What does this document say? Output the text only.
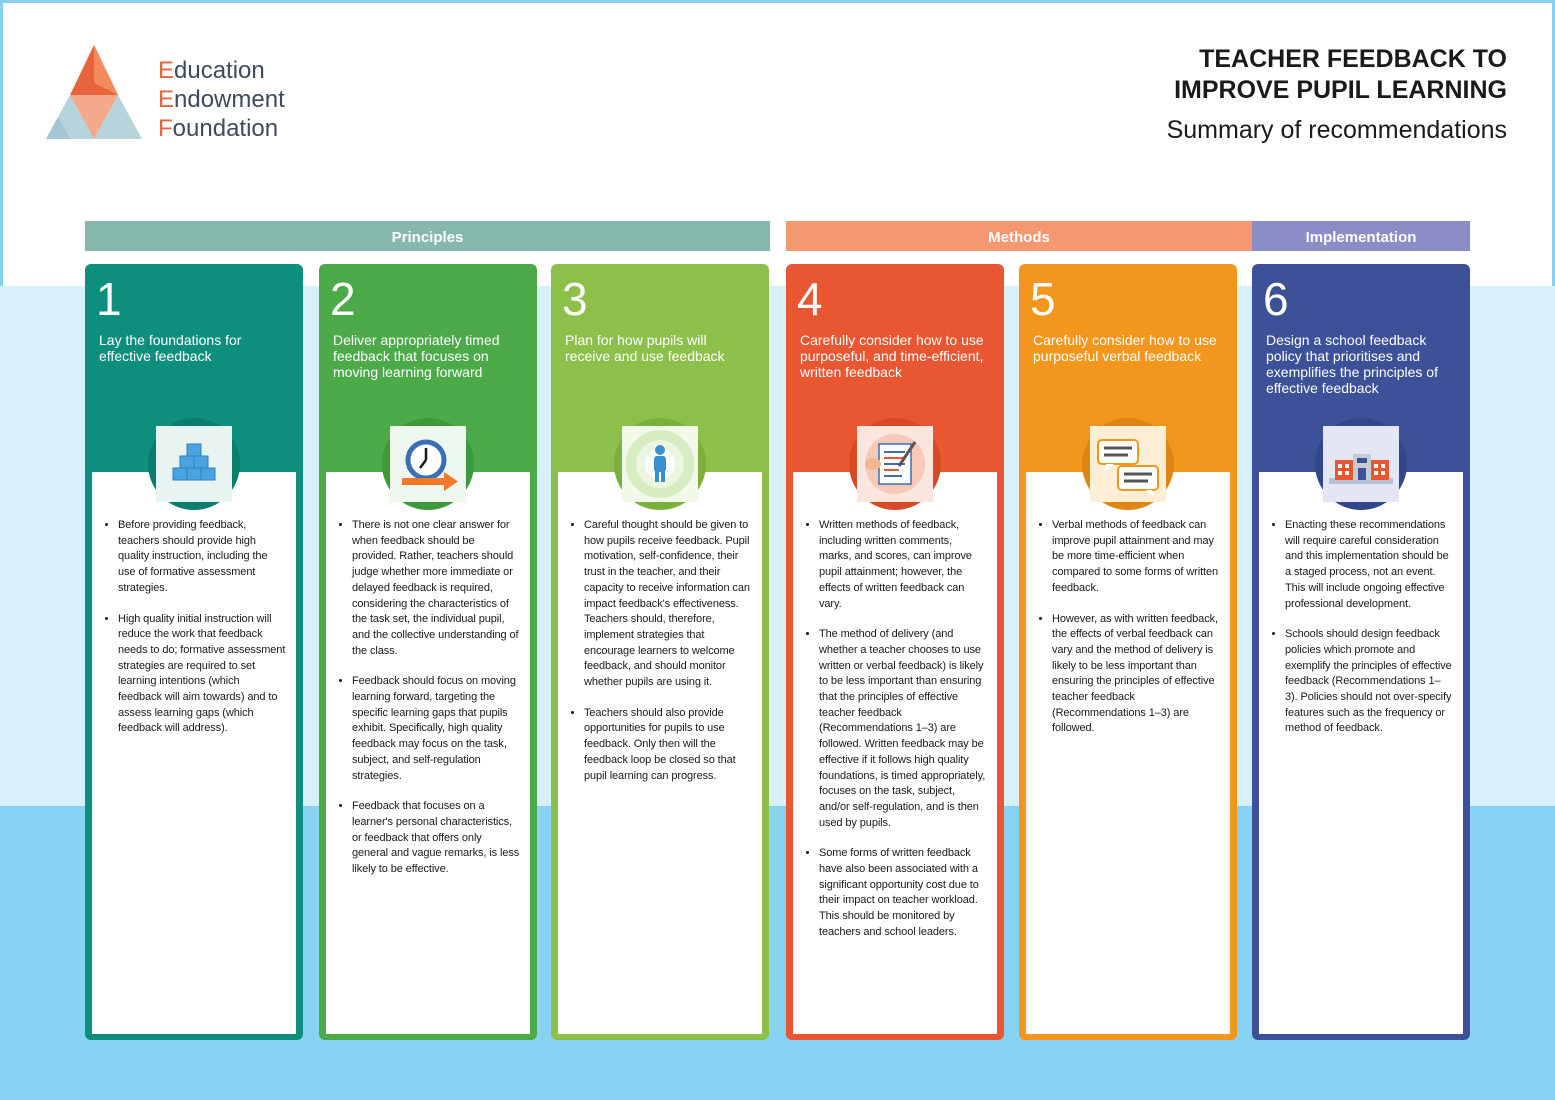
Education
Endowment
Foundation
TEACHER FEEDBACK TO
IMPROVE PUPIL LEARNING
Summary of recommendations
Principles	Methods	Implementation
1
Lay the foundations for effective feedback
• Before providing feedback, teachers should provide high quality instruction, including the use of formative assessment strategies.
• High quality initial instruction will reduce the work that feedback needs to do; formative assessment strategies are required to set learning intentions (which feedback will aim towards) and to assess learning gaps (which feedback will address).
2
Deliver appropriately timed feedback that focuses on moving learning forward
• There is not one clear answer for when feedback should be provided. Rather, teachers should judge whether more immediate or delayed feedback is required, considering the characteristics of the task set, the individual pupil, and the collective understanding of the class.
• Feedback should focus on moving learning forward, targeting the specific learning gaps that pupils exhibit. Specifically, high quality feedback may focus on the task, subject, and self-regulation strategies.
• Feedback that focuses on a learner's personal characteristics, or feedback that offers only general and vague remarks, is less likely to be effective.
3
Plan for how pupils will receive and use feedback
• Careful thought should be given to how pupils receive feedback. Pupil motivation, self-confidence, their trust in the teacher, and their capacity to receive information can impact feedback's effectiveness. Teachers should, therefore, implement strategies that encourage learners to welcome feedback, and should monitor whether pupils are using it.
• Teachers should also provide opportunities for pupils to use feedback. Only then will the feedback loop be closed so that pupil learning can progress.
4
Carefully consider how to use purposeful, and time-efficient, written feedback
• Written methods of feedback, including written comments, marks, and scores, can improve pupil attainment; however, the effects of written feedback can vary.
• The method of delivery (and whether a teacher chooses to use written or verbal feedback) is likely to be less important than ensuring that the principles of effective teacher feedback (Recommendations 1–3) are followed. Written feedback may be effective if it follows high quality foundations, is timed appropriately, focuses on the task, subject, and/or self-regulation, and is then used by pupils.
• Some forms of written feedback have also been associated with a significant opportunity cost due to their impact on teacher workload. This should be monitored by teachers and school leaders.
5
Carefully consider how to use purposeful verbal feedback
• Verbal methods of feedback can improve pupil attainment and may be more time-efficient when compared to some forms of written feedback.
• However, as with written feedback, the effects of verbal feedback can vary and the method of delivery is likely to be less important than ensuring the principles of effective teacher feedback (Recommendations 1–3) are followed.
6
Design a school feedback policy that prioritises and exemplifies the principles of effective feedback
• Enacting these recommendations will require careful consideration and this implementation should be a staged process, not an event. This will include ongoing effective professional development.
• Schools should design feedback policies which promote and exemplify the principles of effective feedback (Recommendations 1–3). Policies should not over-specify features such as the frequency or method of feedback.
